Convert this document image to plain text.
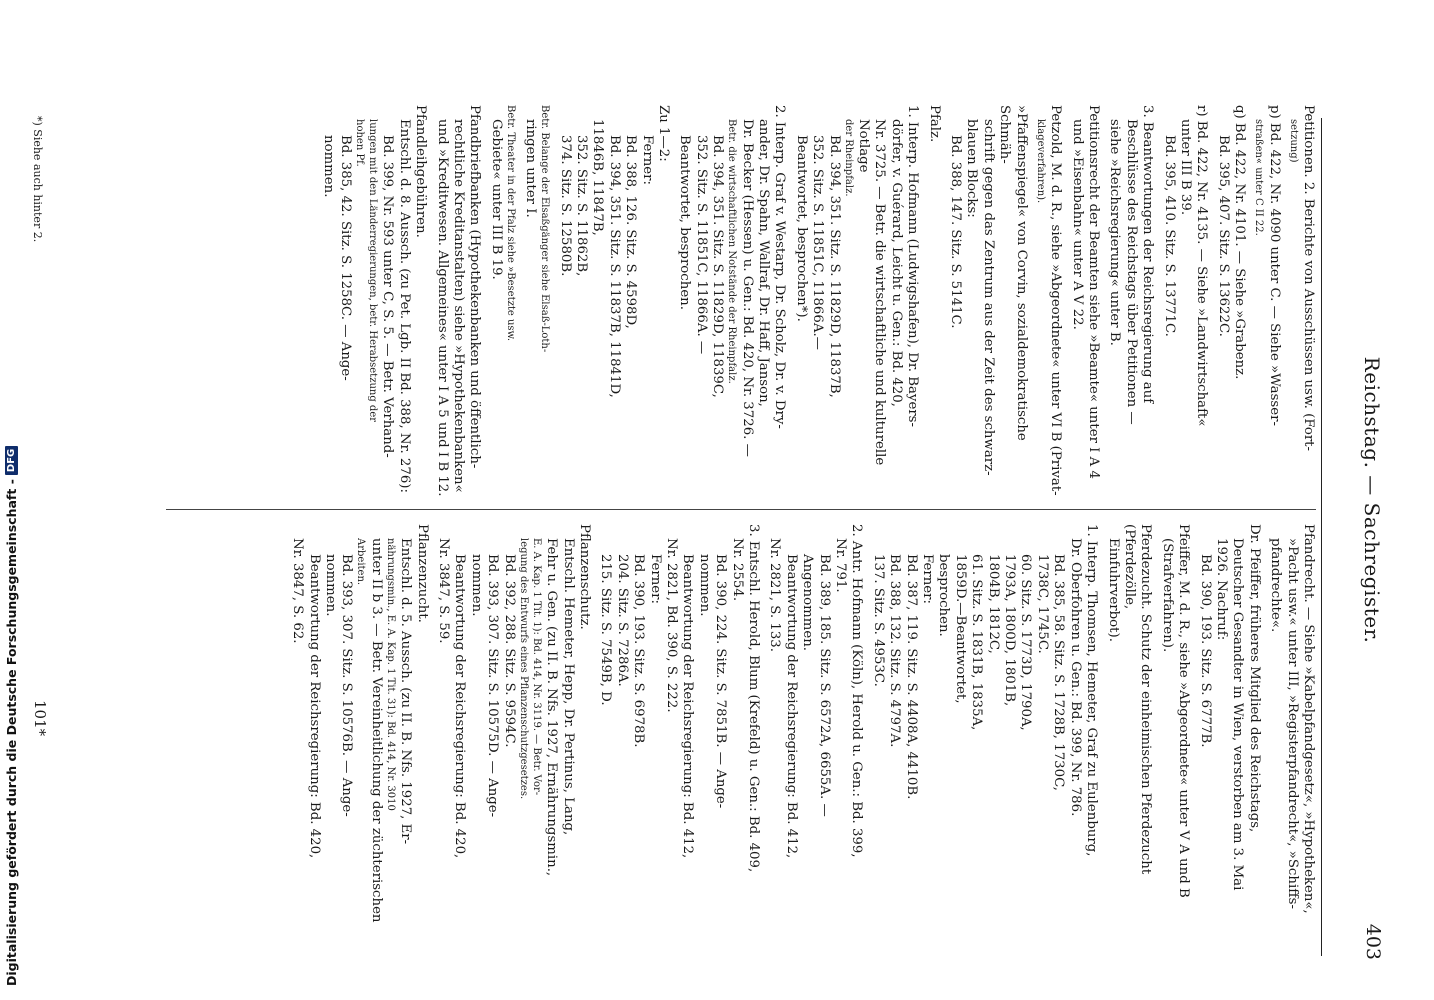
Reichstag. — Sachregister.
403
Petitionen. 2. Berichte von Ausschüssen usw. (Fort-
setzung)
p) Bd. 422, Nr. 4090 unter C. — Siehe »Wasser-
straßen« unter C II 22.
q) Bd. 422, Nr. 4101. — Siehe »Grabenz.
Bd. 395, 407. Sitz. S. 13622C.
r) Bd. 422, Nr. 4135. — Siehe »Landwirtschaft«
unter III B 39.
Bd. 395, 410. Sitz. S. 13771C.
3. Beantwortungen der Reichsregierung auf
Beschlüsse des Reichstags über Petitionen —
siehe »Reichsregierung« unter B.
Petitionsrecht der Beamten siehe »Beamte« unter I A 4
und »Eisenbahn« unter A V 22.
Petzold, M. d. R., siehe »Abgeordnete« unter VI B (Privat-
klageverfahren).
»Pfaffenspiegel« von Corvin, sozialdemokratische Schmäh-
schrift gegen das Zentrum aus der Zeit des schwarz-
blauen Blocks:
Bd. 388, 147. Sitz. S. 5141C.
Pfalz.
1. Interp. Hofmann (Ludwigshafen), Dr. Bayers-
dörfer, v. Guérard, Leicht u. Gen.: Bd. 420,
Nr. 3725. — Betr. die wirtschaftliche und kulturelle Notlage
der Rheinpfalz.
Bd. 394, 351. Sitz. S. 11829D, 11837B,
352. Sitz. S. 11851C, 11866A.—
Beantwortet, besprochen*).
2. Interp. Graf v. Westarp, Dr. Scholz, Dr. v. Dry-
ander, Dr. Spahn, Wallraf, Dr. Haff, Janson,
Dr. Becker (Hessen) u. Gen.: Bd. 420, Nr. 3726. —
Betr. die wirtschaftlichen Notstände der Rheinpfalz.
Bd. 394, 351. Sitz. S. 11829D, 11839C,
352. Sitz. S. 11851C, 11866A. —
Beantwortet, besprochen.
Zu 1—2:
Ferner:
Bd. 388, 126. Sitz. S. 4598D,
Bd. 394, 351. Sitz. S. 11837B, 11841D,
11846B, 11847B,
352. Sitz. S. 11862B,
374. Sitz. S. 12580B.
Betr. Belange der Elsaßgänger siehe Elsaß-Loth-
ringen unter I.
Betr. Theater in der Pfalz siehe »Besetzte usw.
Gebiete« unter III B 19.
Pfandbriefbanken (Hypothekenbanken und öffentlich-
rechtliche Kreditanstalten) siehe »Hypothekenbanken«
und »Kreditwesen. Allgemeines« unter I A 5 und I B 12.
Pfandleihgebühren.
Entschl. d. 8. Aussch. (zu Pet. Lgb. II Bd. 388, Nr. 276):
Bd. 399, Nr. 593 unter C, S. 5. — Betr. Verhand-
lungen mit den Länderregierungen, betr. Herabsetzung der
hohen Pf.
Bd. 385, 42. Sitz. S. 1258C. — Ange-
nommen.
Pfandrecht. — Siehe »Kabelpfandgesetz«, »Hypotheken«,
»Pacht usw.« unter III, »Registerpfandrecht«, »Schiffs-
pfandrechte«.
Dr. Pfeiffer, früheres Mitglied des Reichstags,
Deutscher Gesandter in Wien, verstorben am 3. Mai
1926. Nachruf:
Bd. 390, 193. Sitz. S. 6777B.
Pfeiffer, M. d. R., siehe »Abgeordnete« unter V A und B
(Strafverfahren).
Pferdezucht. Schutz der einheimischen Pferdezucht (Pferdezölle,
Einfuhrverbot).
1. Interp. Thomsen, Hemeter, Graf zu Eulenburg,
Dr. Oberfohren u. Gen.: Bd. 399, Nr. 786.
Bd. 385, 58. Sitz. S. 1728B, 1730C,
1738C, 1745C.
60. Sitz. S. 1773D, 1790A,
1793A, 1800D, 1801B,
1804B, 1812C,
61. Sitz. S. 1831B, 1835A,
1859D.—Beantwortet,
besprochen.
Ferner:
Bd. 387, 119. Sitz. S. 4408A, 4410B.
Bd. 388, 132. Sitz. S. 4797A.
137. Sitz. S. 4953C.
2. Antr. Hofmann (Köln), Herold u. Gen.: Bd. 399,
Nr. 791.
Bd. 389, 185. Sitz. S. 6572A, 6655A. —
Angenommen.
Beantwortung der Reichsregierung: Bd. 412,
Nr. 2821, S. 133.
3. Entschl. Herold, Blum (Krefeld) u. Gen.: Bd. 409,
Nr. 2554.
Bd. 390, 224. Sitz. S. 7851B. — Ange-
nommen.
Beantwortung der Reichsregierung: Bd. 412,
Nr. 2821, Bd. 390, S. 222.
Ferner:
Bd. 390, 193. Sitz. S. 6978B.
204. Sitz. S. 7286A.
215. Sitz. S. 7549B, D.
Pflanzenschutz.
Entschl. Hemeter, Hepp, Dr. Pertinus, Lang,
Fehr u. Gen. (zu II. B. Nfs. 1927, Ernährungsmin.,
E. A. Kap. 1 Tit. 1): Bd. 414, Nr. 3119. — Betr. Vor-
legung des Entwurfs eines Pflanzenschutzgesetzes.
Bd. 392, 288. Sitz. S. 9594C.
Bd. 393, 307. Sitz. S. 10575D. — Ange-
nommen.
Beantwortung der Reichsregierung: Bd. 420,
Nr. 3847, S. 59.
Pflanzenzucht.
Entschl. d. 5. Aussch. (zu II. B. Nfs. 1927, Er-
nährungsmin., E. A. Kap. 1 Tit. 31): Bd. 414, Nr. 3010
unter II b 3. — Betr. Vereinheitlichung der züchterischen
Arbeiten.
Bd. 393, 307. Sitz. S. 10576B. — Ange-
nommen.
Beantwortung der Reichsregierung: Bd. 420,
Nr. 3847, S. 62.
*) Siehe auch hinter 2.
101*
Digitalisierung gefördert durch die Deutsche Forschungsgemeinschaft -
DFG
